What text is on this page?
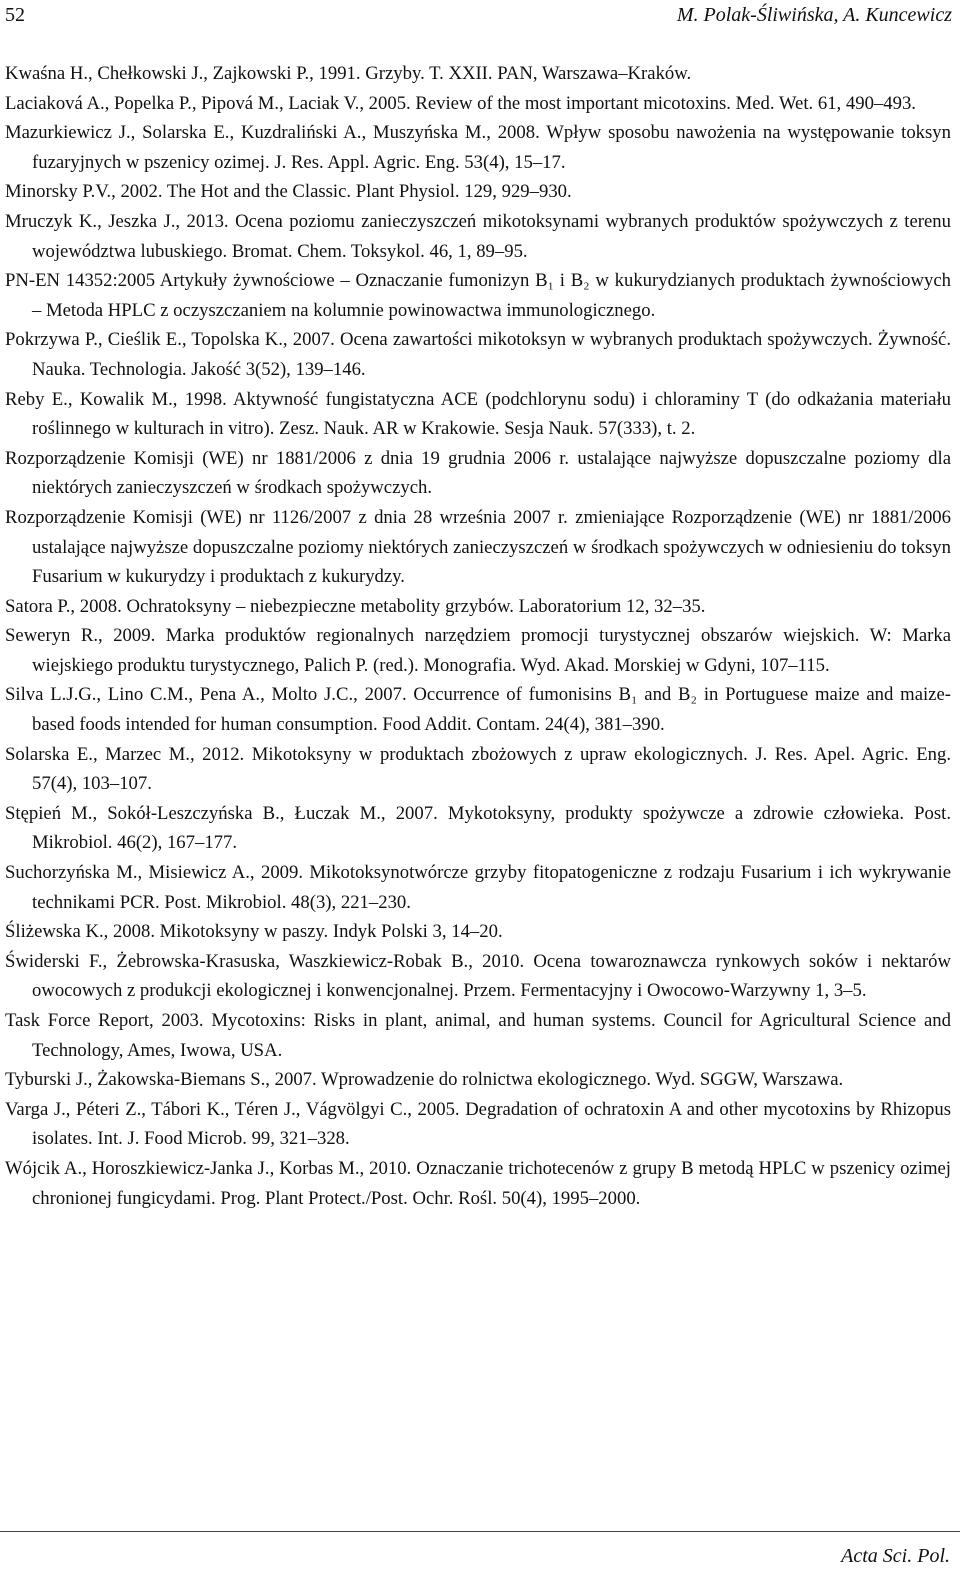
52	M. Polak-Śliwińska, A. Kuncewicz
Kwaśna H., Chełkowski J., Zajkowski P., 1991. Grzyby. T. XXII. PAN, Warszawa–Kraków.
Laciaková A., Popelka P., Pipová M., Laciak V., 2005. Review of the most important micotoxins. Med. Wet. 61, 490–493.
Mazurkiewicz J., Solarska E., Kuzdraliński A., Muszyńska M., 2008. Wpływ sposobu nawożenia na występowanie toksyn fuzaryjnych w pszenicy ozimej. J. Res. Appl. Agric. Eng. 53(4), 15–17.
Minorsky P.V., 2002. The Hot and the Classic. Plant Physiol. 129, 929–930.
Mruczyk K., Jeszka J., 2013. Ocena poziomu zanieczyszczeń mikotoksynami wybranych produktów spożywczych z terenu województwa lubuskiego. Bromat. Chem. Toksykol. 46, 1, 89–95.
PN-EN 14352:2005 Artykuły żywnościowe – Oznaczanie fumonizyn B₁ i B₂ w kukurydzianych produktach żywnościowych – Metoda HPLC z oczyszczaniem na kolumnie powinowactwa immunologicznego.
Pokrzywa P., Cieślik E., Topolska K., 2007. Ocena zawartości mikotoksyn w wybranych produktach spożywczych. Żywność. Nauka. Technologia. Jakość 3(52), 139–146.
Reby E., Kowalik M., 1998. Aktywność fungistatyczna ACE (podchlorynu sodu) i chloraminy T (do odkażania materiału roślinnego w kulturach in vitro). Zesz. Nauk. AR w Krakowie. Sesja Nauk. 57(333), t. 2.
Rozporządzenie Komisji (WE) nr 1881/2006 z dnia 19 grudnia 2006 r. ustalające najwyższe dopuszczalne poziomy dla niektórych zanieczyszczeń w środkach spożywczych.
Rozporządzenie Komisji (WE) nr 1126/2007 z dnia 28 września 2007 r. zmieniające Rozporządzenie (WE) nr 1881/2006 ustalające najwyższe dopuszczalne poziomy niektórych zanieczyszczeń w środkach spożywczych w odniesieniu do toksyn Fusarium w kukurydzy i produktach z kukurydzy.
Satora P., 2008. Ochratoksyny – niebezpieczne metabolity grzybów. Laboratorium 12, 32–35.
Seweryn R., 2009. Marka produktów regionalnych narzędziem promocji turystycznej obszarów wiejskich. W: Marka wiejskiego produktu turystycznego, Palich P. (red.). Monografia. Wyd. Akad. Morskiej w Gdyni, 107–115.
Silva L.J.G., Lino C.M., Pena A., Molto J.C., 2007. Occurrence of fumonisins B₁ and B₂ in Portuguese maize and maize-based foods intended for human consumption. Food Addit. Contam. 24(4), 381–390.
Solarska E., Marzec M., 2012. Mikotoksyny w produktach zbożowych z upraw ekologicznych. J. Res. Apel. Agric. Eng. 57(4), 103–107.
Stępień M., Sokół-Leszczyńska B., Łuczak M., 2007. Mykotoksyny, produkty spożywcze a zdrowie człowieka. Post. Mikrobiol. 46(2), 167–177.
Suchorzyńska M., Misiewicz A., 2009. Mikotoksynotwórcze grzyby fitopatogeniczne z rodzaju Fusarium i ich wykrywanie technikami PCR. Post. Mikrobiol. 48(3), 221–230.
Śliżewska K., 2008. Mikotoksyny w paszy. Indyk Polski 3, 14–20.
Świderski F., Żebrowska-Krasuska, Waszkiewicz-Robak B., 2010. Ocena towaroznawcza rynkowych soków i nektarów owocowych z produkcji ekologicznej i konwencjonalnej. Przem. Fermentacyjny i Owocowo-Warzywny 1, 3–5.
Task Force Report, 2003. Mycotoxins: Risks in plant, animal, and human systems. Council for Agricultural Science and Technology, Ames, Iwowa, USA.
Tyburski J., Żakowska-Biemans S., 2007. Wprowadzenie do rolnictwa ekologicznego. Wyd. SGGW, Warszawa.
Varga J., Péteri Z., Tábori K., Téren J., Vágvölgyi C., 2005. Degradation of ochratoxin A and other mycotoxins by Rhizopus isolates. Int. J. Food Microb. 99, 321–328.
Wójcik A., Horoszkiewicz-Janka J., Korbas M., 2010. Oznaczanie trichotecenów z grupy B metodą HPLC w pszenicy ozimej chronionej fungicydami. Prog. Plant Protect./Post. Ochr. Rośl. 50(4), 1995–2000.
Acta Sci. Pol.
